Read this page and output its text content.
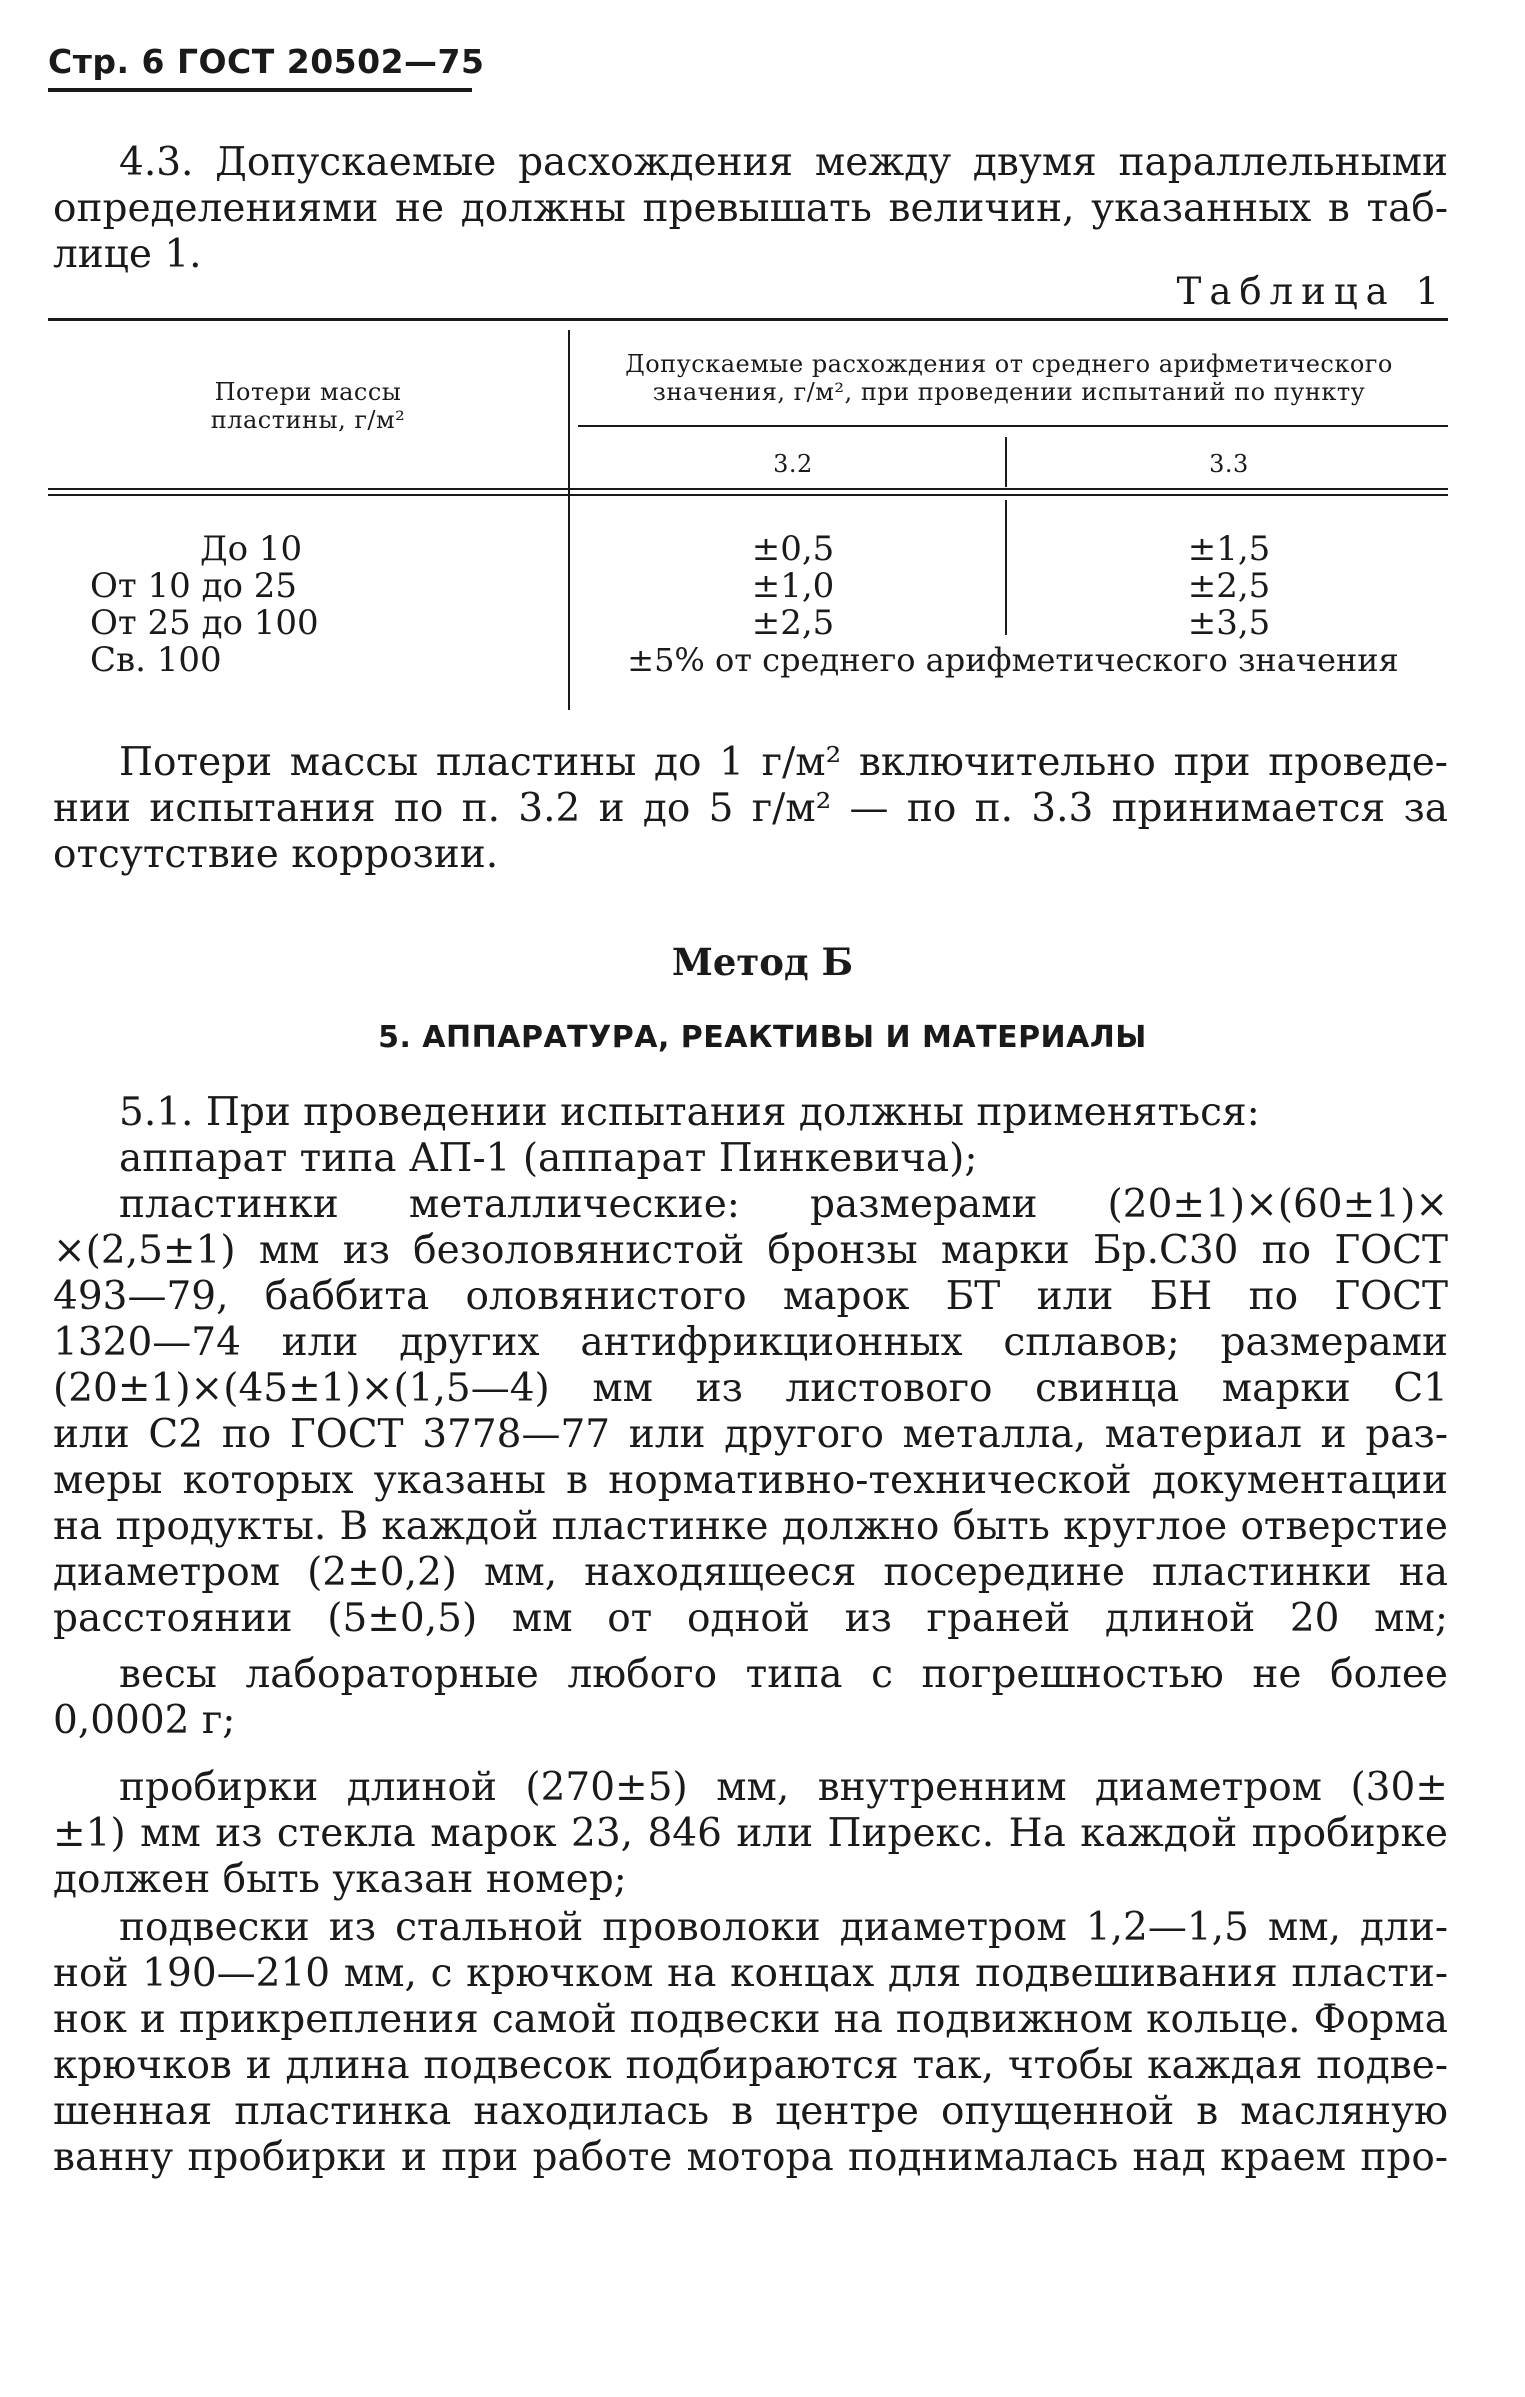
Стр. 6 ГОСТ 20502—75
4.3. Допускаемые расхождения между двумя параллельными
определениями не должны превышать величин, указанных в таб-
лице 1.
Таблица 1
Потери массы
пластины, г/м²
Допускаемые расхождения от среднего арифметического
значения, г/м², при проведении испытаний по пункту
3.2	3.3
До 10	±0,5	±1,5
От 10 до 25	±1,0	±2,5
От 25 до 100	±2,5	±3,5
Св. 100	±5% от среднего арифметического значения
Потери массы пластины до 1 г/м² включительно при проведе-
нии испытания по п. 3.2 и до 5 г/м² — по п. 3.3 принимается за
отсутствие коррозии.
Метод Б
5. АППАРАТУРА, РЕАКТИВЫ И МАТЕРИАЛЫ
5.1. При проведении испытания должны применяться:
аппарат типа АП-1 (аппарат Пинкевича);
пластинки металлические: размерами (20±1)×(60±1)×
×(2,5±1) мм из безоловянистой бронзы марки Бр.С30 по ГОСТ
493—79, баббита оловянистого марок БТ или БН по ГОСТ
1320—74 или других антифрикционных сплавов; размерами
(20±1)×(45±1)×(1,5—4) мм из листового свинца марки С1
или С2 по ГОСТ 3778—77 или другого металла, материал и раз-
меры которых указаны в нормативно-технической документации
на продукты. В каждой пластинке должно быть круглое отверстие
диаметром (2±0,2) мм, находящееся посередине пластинки на
расстоянии (5±0,5) мм от одной из граней длиной 20 мм;
весы лабораторные любого типа с погрешностью не более
0,0002 г;
пробирки длиной (270±5) мм, внутренним диаметром (30±
±1) мм из стекла марок 23, 846 или Пирекс. На каждой пробирке
должен быть указан номер;
подвески из стальной проволоки диаметром 1,2—1,5 мм, дли-
ной 190—210 мм, с крючком на концах для подвешивания пласти-
нок и прикрепления самой подвески на подвижном кольце. Форма
крючков и длина подвесок подбираются так, чтобы каждая подве-
шенная пластинка находилась в центре опущенной в масляную
ванну пробирки и при работе мотора поднималась над краем про-
